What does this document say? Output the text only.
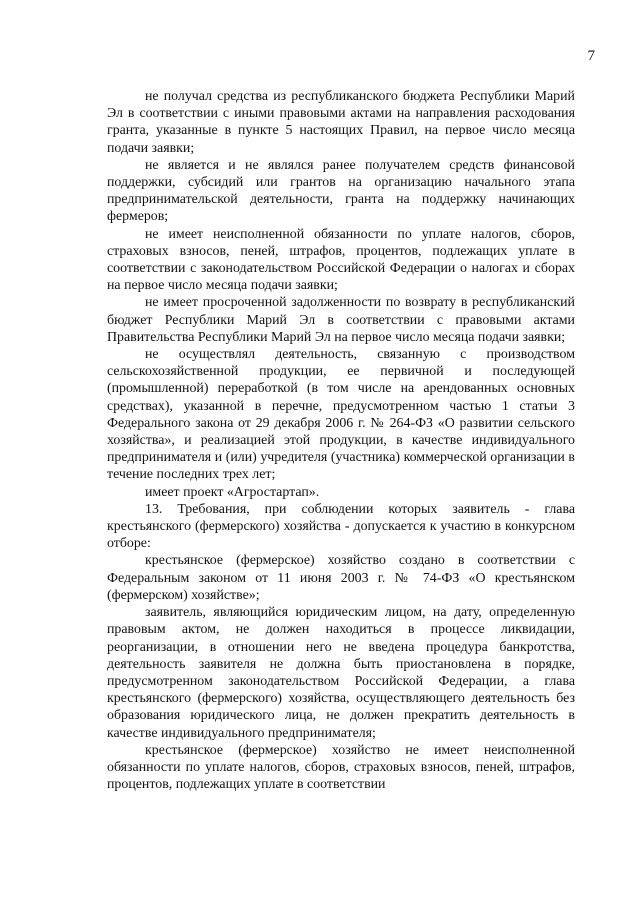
7

не получал средства из республиканского бюджета Республики Марий Эл в соответствии с иными правовыми актами на направления расходования гранта, указанные в пункте 5 настоящих Правил, на первое число месяца подачи заявки;

не является и не являлся ранее получателем средств финансовой поддержки, субсидий или грантов на организацию начального этапа предпринимательской деятельности, гранта на поддержку начинающих фермеров;

не имеет неисполненной обязанности по уплате налогов, сборов, страховых взносов, пеней, штрафов, процентов, подлежащих уплате в соответствии с законодательством Российской Федерации о налогах и сборах на первое число месяца подачи заявки;

не имеет просроченной задолженности по возврату в республиканский бюджет Республики Марий Эл в соответствии с правовыми актами Правительства Республики Марий Эл на первое число месяца подачи заявки;

не осуществлял деятельность, связанную с производством сельскохозяйственной продукции, ее первичной и последующей (промышленной) переработкой (в том числе на арендованных основных средствах), указанной в перечне, предусмотренном частью 1 статьи 3 Федерального закона от 29 декабря 2006 г. № 264-ФЗ «О развитии сельского хозяйства», и реализацией этой продукции, в качестве индивидуального предпринимателя и (или) учредителя (участника) коммерческой организации в течение последних трех лет;

имеет проект «Агростартап».

13. Требования, при соблюдении которых заявитель - глава крестьянского (фермерского) хозяйства - допускается к участию в конкурсном отборе:

крестьянское (фермерское) хозяйство создано в соответствии с Федеральным законом от 11 июня 2003 г. № 74-ФЗ «О крестьянском (фермерском) хозяйстве»;

заявитель, являющийся юридическим лицом, на дату, определенную правовым актом, не должен находиться в процессе ликвидации, реорганизации, в отношении него не введена процедура банкротства, деятельность заявителя не должна быть приостановлена в порядке, предусмотренном законодательством Российской Федерации, а глава крестьянского (фермерского) хозяйства, осуществляющего деятельность без образования юридического лица, не должен прекратить деятельность в качестве индивидуального предпринимателя;

крестьянское (фермерское) хозяйство не имеет неисполненной обязанности по уплате налогов, сборов, страховых взносов, пеней, штрафов, процентов, подлежащих уплате в соответствии
